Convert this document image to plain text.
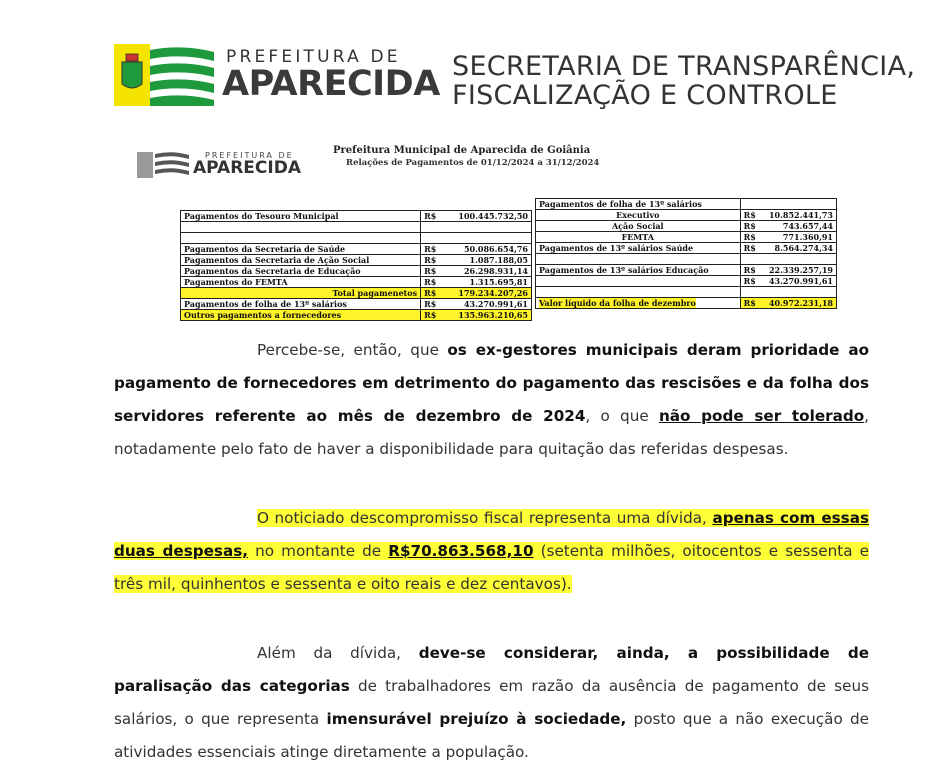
PREFEITURA DE
APARECIDA SECRETARIA DE TRANSPARÊNCIA,
FISCALIZAÇÃO E CONTROLE
PREFEITURA DE
APARECIDA
Prefeitura Municipal de Aparecida de Goiânia
Relações de Pagamentos de 01/12/2024 a 31/12/2024
Pagamentos do Tesouro Municipal	R$ 100.445.732,50

Pagamentos da Secretaria de Saúde	R$ 50.086.654,76

Pagamentos da Secretaria de Ação Social	R$ 1.087.188,05

Pagamentos da Secretaria de Educação	R$ 26.298.931,14

Pagamentos do FEMTA	R$ 1.315.695,81

Total pagamenetos	R$ 179.234.207,26

Pagamentos de folha de 13º salários	R$ 43.270.991,61

Outros pagamentos a fornecedores	R$ 135.963.210,65
Pagamentos de folha de 13º salários	
Executivo	R$ 10.852.441,73

Ação Social	R$ 743.657,44

FEMTA	R$ 771.360,91

Pagamentos de 13º salários Saúde	R$ 8.564.274,34

Pagamentos de 13º salários Educação	R$ 22.339.257,19

	R$ 43.270.991,61

Valor líquido da folha de dezembro	R$ 40.972.231,18
Percebe-se, então, que os ex-gestores municipais deram prioridade ao pagamento de fornecedores em detrimento do pagamento das rescisões e da folha dos servidores referente ao mês de dezembro de 2024, o que não pode ser tolerado, notadamente pelo fato de haver a disponibilidade para quitação das referidas despesas.
O noticiado descompromisso fiscal representa uma dívida, apenas com essas duas despesas, no montante de R$70.863.568,10 (setenta milhões, oitocentos e sessenta e três mil, quinhentos e sessenta e oito reais e dez centavos).
Além da dívida, deve-se considerar, ainda, a possibilidade de paralisação das categorias de trabalhadores em razão da ausência de pagamento de seus salários, o que representa imensurável prejuízo à sociedade, posto que a não execução de atividades essenciais atinge diretamente a população.
